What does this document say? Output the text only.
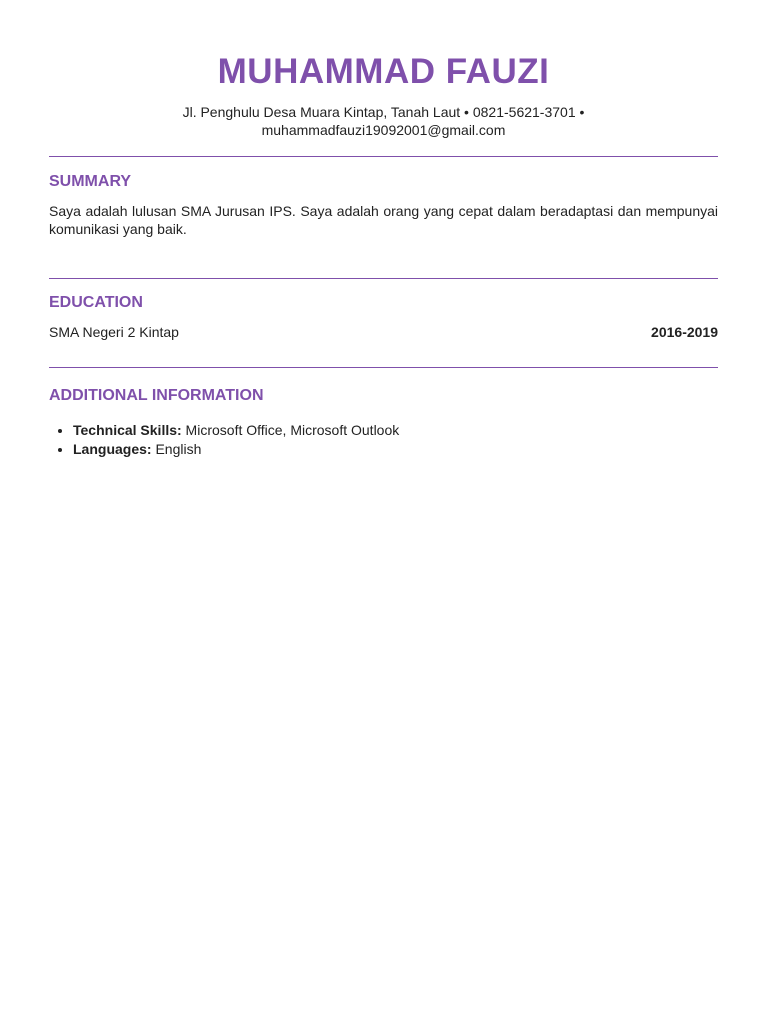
MUHAMMAD FAUZI
Jl. Penghulu Desa Muara Kintap, Tanah Laut • 0821-5621-3701 •
muhammadfauzi19092001@gmail.com
SUMMARY

Saya adalah lulusan SMA Jurusan IPS. Saya adalah orang yang cepat dalam beradaptasi dan mempunyai komunikasi yang baik.

EDUCATION
SMA Negeri 2 Kintap	2016-2019
ADDITIONAL INFORMATION
• Technical Skills: Microsoft Office, Microsoft Outlook
• Languages: English
